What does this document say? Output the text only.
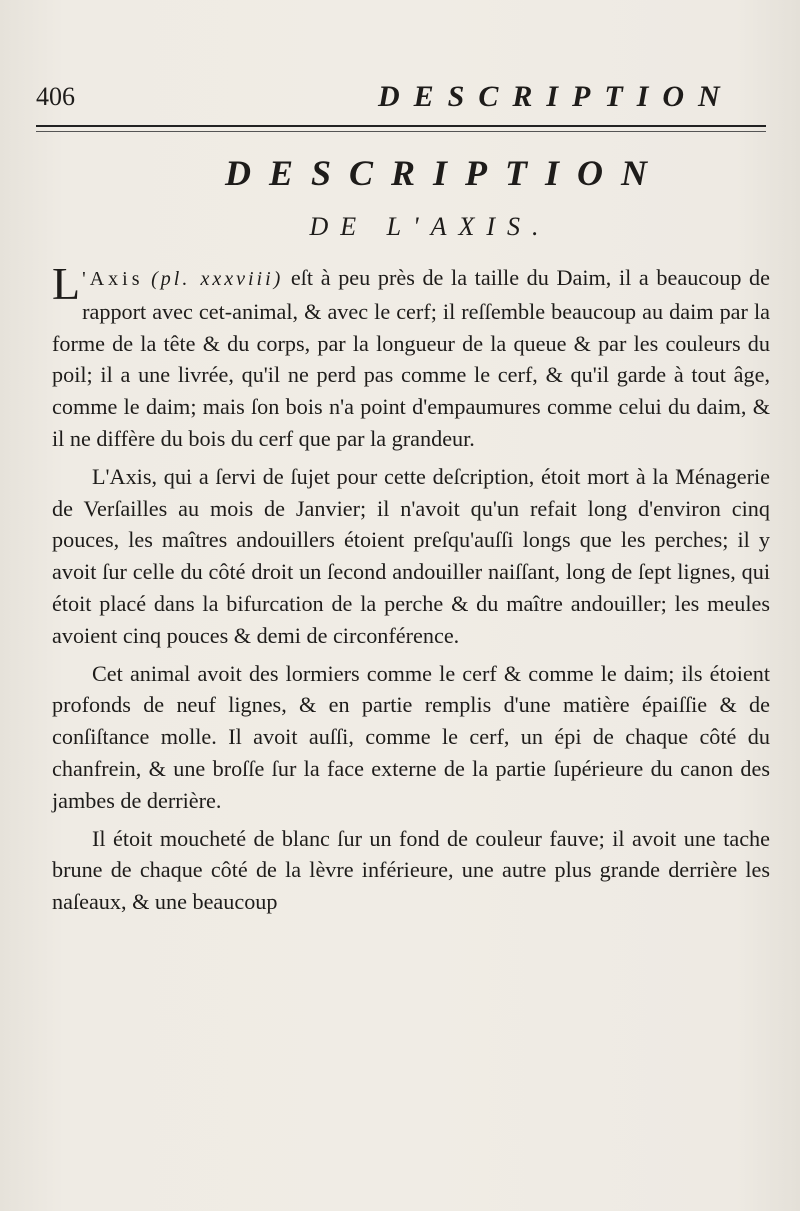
406	DESCRIPTION
DESCRIPTION
DE L'AXIS.

L 'Axis (pl. xxxviii) eſt à peu près de la taille du Daim, il a beaucoup de rapport avec cet-animal, & avec le cerf; il reſſemble beaucoup au daim par la forme de la tête & du corps, par la longueur de la queue & par les couleurs du poil; il a une livrée, qu'il ne perd pas comme le cerf, & qu'il garde à tout âge, comme le daim; mais ſon bois n'a point d'empaumures comme celui du daim, & il ne diffère du bois du cerf que par la grandeur.

L'Axis, qui a ſervi de ſujet pour cette deſcription, étoit mort à la Ménagerie de Verſailles au mois de Janvier; il n'avoit qu'un refait long d'environ cinq pouces, les maîtres andouillers étoient preſqu'auſſi longs que les perches; il y avoit ſur celle du côté droit un ſecond andouiller naiſſant, long de ſept lignes, qui étoit placé dans la bifurcation de la perche & du maître andouiller; les meules avoient cinq pouces & demi de circonférence.

Cet animal avoit des lormiers comme le cerf & comme le daim; ils étoient profonds de neuf lignes, & en partie remplis d'une matière épaiſſie & de conſiſtance molle. Il avoit auſſi, comme le cerf, un épi de chaque côté du chanfrein, & une broſſe ſur la face externe de la partie ſupérieure du canon des jambes de derrière.

Il étoit moucheté de blanc ſur un fond de couleur fauve; il avoit une tache brune de chaque côté de la lèvre inférieure, une autre plus grande derrière les naſeaux, & une beaucoup
